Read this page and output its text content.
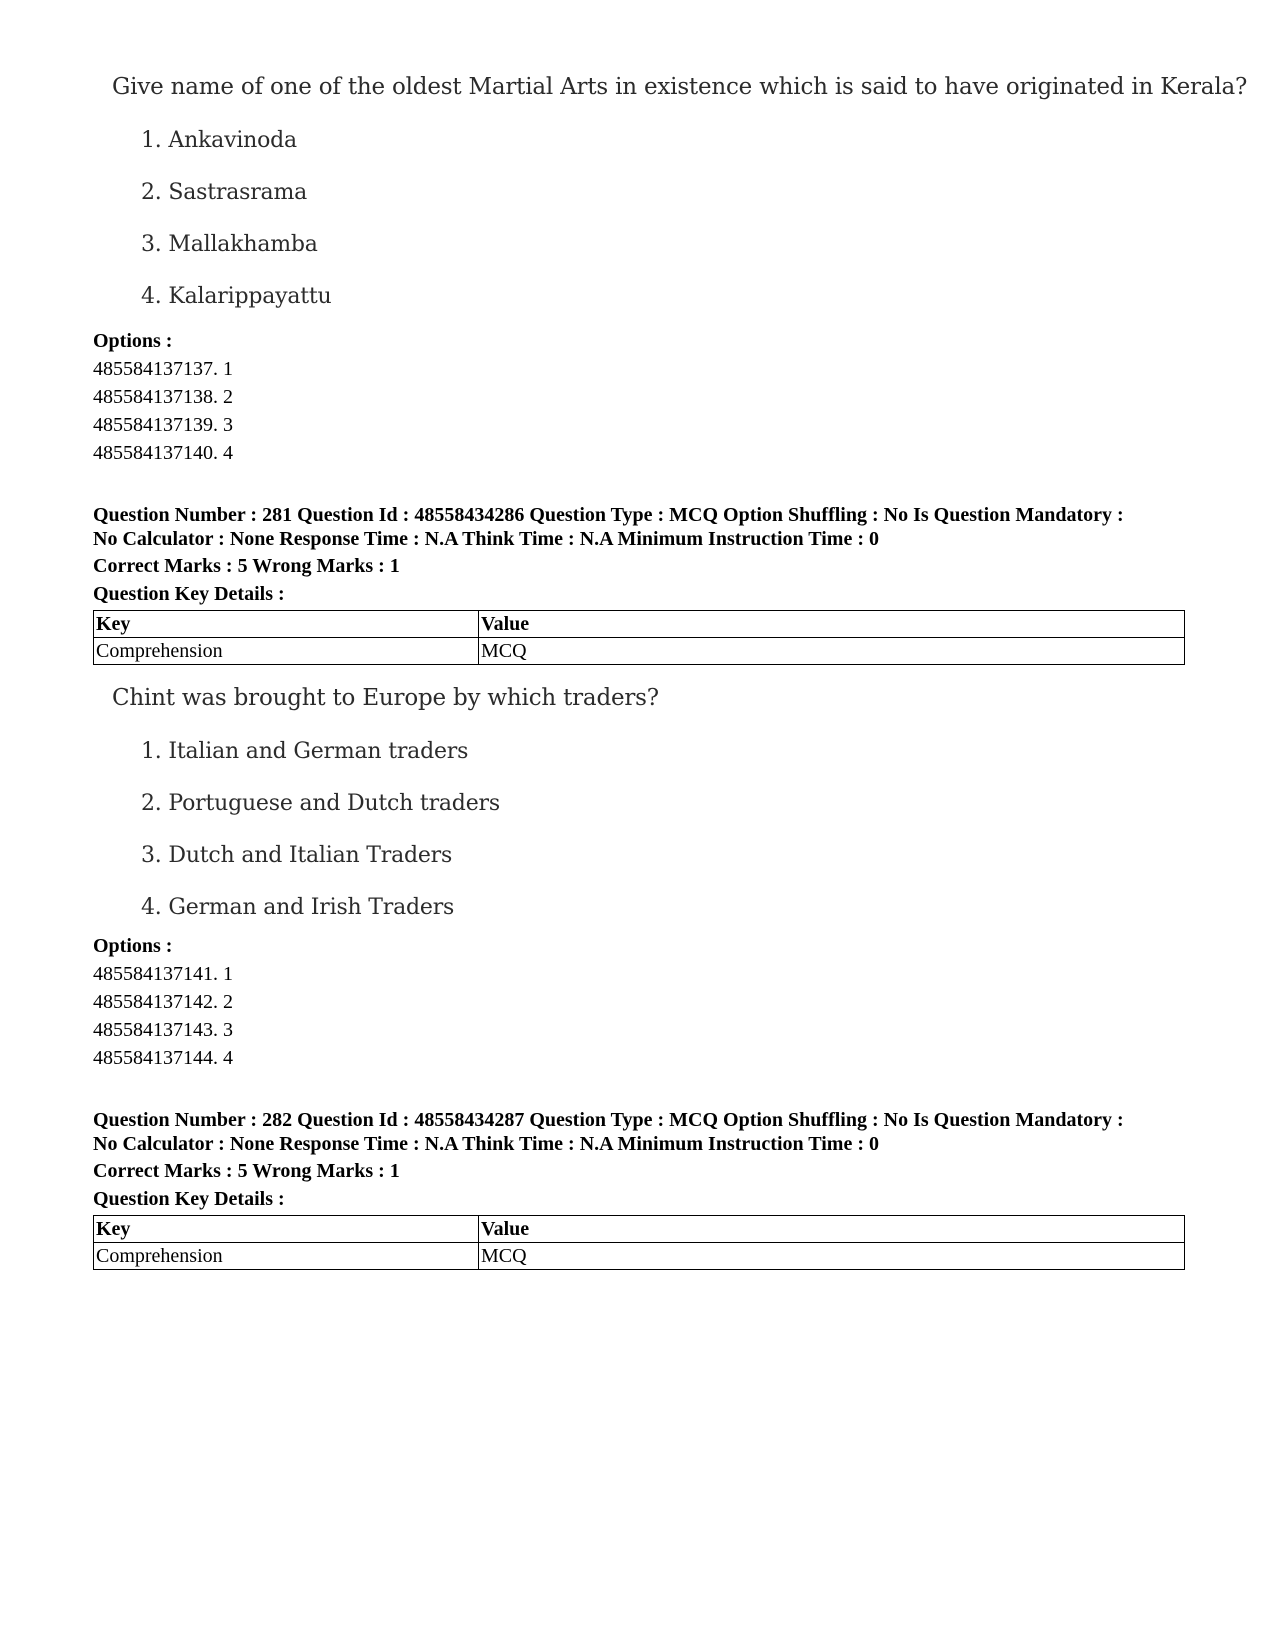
Give name of one of the oldest Martial Arts in existence which is said to have originated in Kerala?
1. Ankavinoda
2. Sastrasrama
3. Mallakhamba
4. Kalarippayattu
Options :
485584137137. 1
485584137138. 2
485584137139. 3
485584137140. 4
Question Number : 281 Question Id : 48558434286 Question Type : MCQ Option Shuffling : No Is Question Mandatory :
No Calculator : None Response Time : N.A Think Time : N.A Minimum Instruction Time : 0
Correct Marks : 5 Wrong Marks : 1
Question Key Details :
Key	Value
Comprehension	MCQ
Chint was brought to Europe by which traders?
1. Italian and German traders
2. Portuguese and Dutch traders
3. Dutch and Italian Traders
4. German and Irish Traders
Options :
485584137141. 1
485584137142. 2
485584137143. 3
485584137144. 4
Question Number : 282 Question Id : 48558434287 Question Type : MCQ Option Shuffling : No Is Question Mandatory :
No Calculator : None Response Time : N.A Think Time : N.A Minimum Instruction Time : 0
Correct Marks : 5 Wrong Marks : 1
Question Key Details :
Key	Value
Comprehension	MCQ
